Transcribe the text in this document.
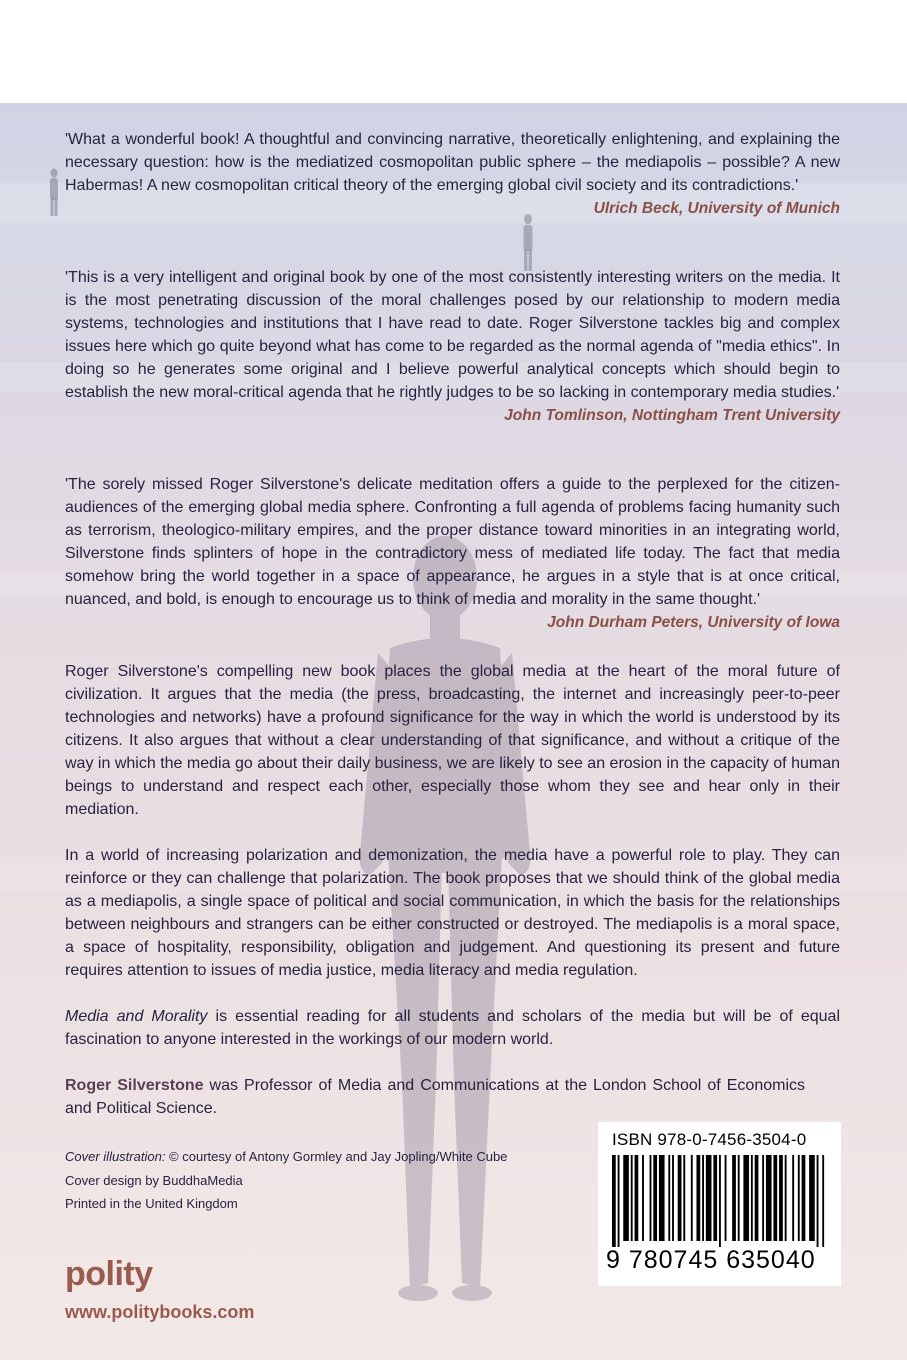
'What a wonderful book! A thoughtful and convincing narrative, theoretically enlightening, and explaining the necessary question: how is the mediatized cosmopolitan public sphere – the mediapolis – possible? A new Habermas! A new cosmopolitan critical theory of the emerging global civil society and its contradictions.'

Ulrich Beck, University of Munich

'This is a very intelligent and original book by one of the most consistently interesting writers on the media. It is the most penetrating discussion of the moral challenges posed by our relationship to modern media systems, technologies and institutions that I have read to date. Roger Silverstone tackles big and complex issues here which go quite beyond what has come to be regarded as the normal agenda of "media ethics". In doing so he generates some original and I believe powerful analytical concepts which should begin to establish the new moral-critical agenda that he rightly judges to be so lacking in contemporary media studies.'

John Tomlinson, Nottingham Trent University

'The sorely missed Roger Silverstone's delicate meditation offers a guide to the perplexed for the citizen-audiences of the emerging global media sphere. Confronting a full agenda of problems facing humanity such as terrorism, theologico-military empires, and the proper distance toward minorities in an integrating world, Silverstone finds splinters of hope in the contradictory mess of mediated life today. The fact that media somehow bring the world together in a space of appearance, he argues in a style that is at once critical, nuanced, and bold, is enough to encourage us to think of media and morality in the same thought.'

John Durham Peters, University of Iowa

Roger Silverstone's compelling new book places the global media at the heart of the moral future of civilization. It argues that the media (the press, broadcasting, the internet and increasingly peer-to-peer technologies and networks) have a profound significance for the way in which the world is understood by its citizens. It also argues that without a clear understanding of that significance, and without a critique of the way in which the media go about their daily business, we are likely to see an erosion in the capacity of human beings to understand and respect each other, especially those whom they see and hear only in their mediation.

In a world of increasing polarization and demonization, the media have a powerful role to play. They can reinforce or they can challenge that polarization. The book proposes that we should think of the global media as a mediapolis, a single space of political and social communication, in which the basis for the relationships between neighbours and strangers can be either constructed or destroyed. The mediapolis is a moral space, a space of hospitality, responsibility, obligation and judgement. And questioning its present and future requires attention to issues of media justice, media literacy and media regulation.

Media and Morality is essential reading for all students and scholars of the media but will be of equal fascination to anyone interested in the workings of our modern world.

Roger Silverstone was Professor of Media and Communications at the London School of Economics and Political Science.

Cover illustration: © courtesy of Antony Gormley and Jay Jopling/White Cube
Cover design by BuddhaMedia
Printed in the United Kingdom
polity
www.politybooks.com
ISBN 978-0-7456-3504-0
9 780745 635040
